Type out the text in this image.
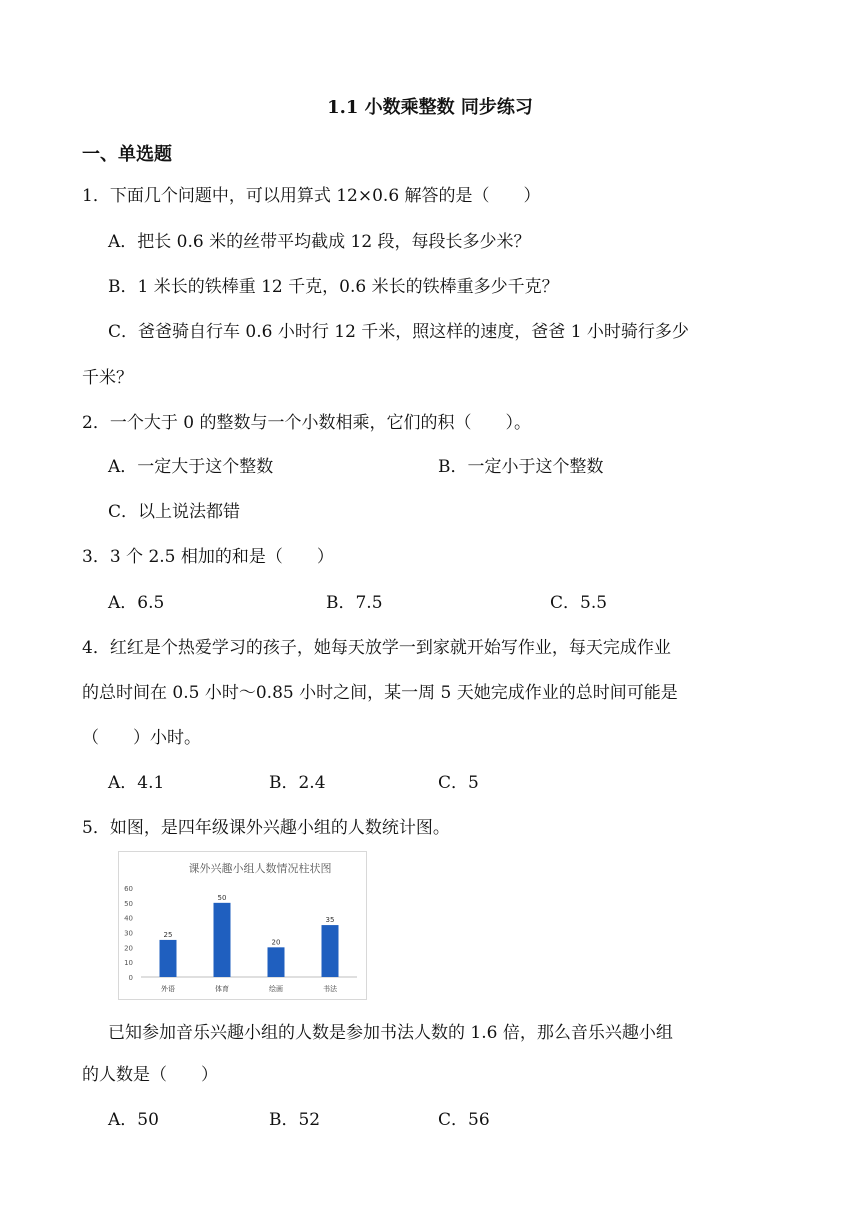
1.1 小数乘整数 同步练习
一、单选题
1．下面几个问题中，可以用算式 12×0.6 解答的是（　　）
A．把长 0.6 米的丝带平均截成 12 段，每段长多少米？
B．1 米长的铁棒重 12 千克，0.6 米长的铁棒重多少千克？
C．爸爸骑自行车 0.6 小时行 12 千米，照这样的速度，爸爸 1 小时骑行多少
千米？
2．一个大于 0 的整数与一个小数相乘，它们的积（　　）。
A．一定大于这个整数	B．一定小于这个整数
C．以上说法都错
3．3 个 2.5 相加的和是（　　）
A．6.5	B．7.5	C．5.5
4．红红是个热爱学习的孩子，她每天放学一到家就开始写作业，每天完成作业
的总时间在 0.5 小时～0.85 小时之间，某一周 5 天她完成作业的总时间可能是
（　　）小时。
A．4.1	B．2.4	C．5
5．如图，是四年级课外兴趣小组的人数统计图。
课外兴趣小组人数情况柱状图
0
10
20
30
40
50
60
25
外语
50
体育
20
绘画
35
书法
已知参加音乐兴趣小组的人数是参加书法人数的 1.6 倍，那么音乐兴趣小组
的人数是（　　）
A．50	B．52	C．56
